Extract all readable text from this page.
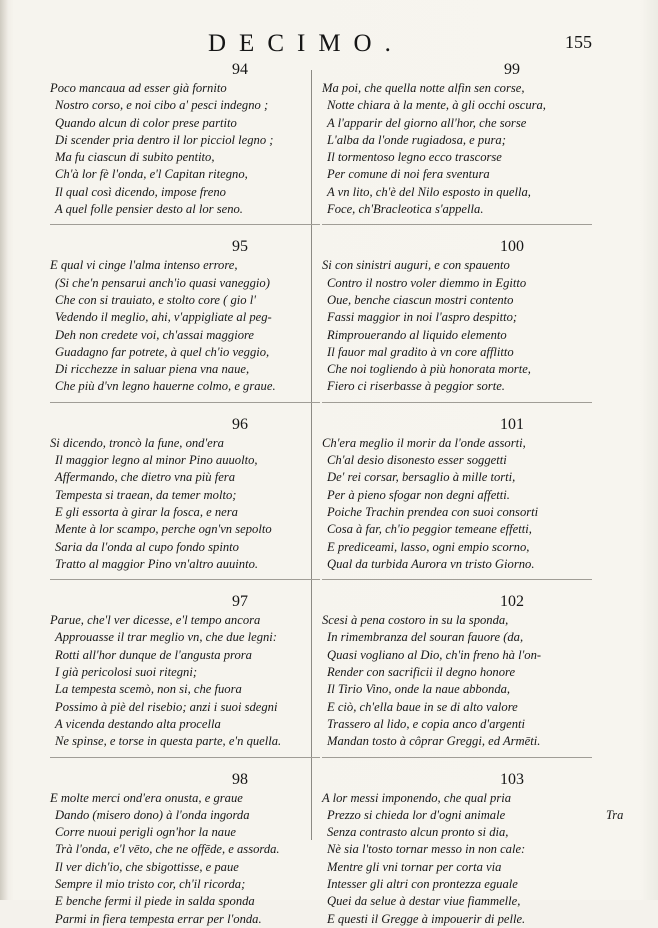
DECIMO.	155
94
Poco mancaua ad esser già fornito
Nostro corso, e noi cibo a' pesci indegno ;
Quando alcun di color prese partito
Di scender pria dentro il lor picciol legno ;
Ma fu ciascun di subito pentito,
Ch'à lor fè l'onda, e'l Capitan ritegno,
Il qual così dicendo, impose freno
A quel folle pensier desto al lor seno.
95
E qual vi cinge l'alma intenso errore,
(Si che'n pensarui anch'io quasi vaneggio)
Che con si trauiato, e stolto core ( gio l'
Vedendo il meglio, ahi, v'appigliate al peg-
Deh non credete voi, ch'assai maggiore
Guadagno far potrete, à quel ch'io veggio,
Di ricchezze in saluar piena vna naue,
Che più d'vn legno hauerne colmo, e graue.
96
Si dicendo, troncò la fune, ond'era
Il maggior legno al minor Pino auuolto,
Affermando, che dietro vna più fera
Tempesta si traean, da temer molto;
E gli essorta à girar la fosca, e nera
Mente à lor scampo, perche ogn'vn sepolto
Saria da l'onda al cupo fondo spinto
Tratto al maggior Pino vn'altro auuinto.
97
Parue, che'l ver dicesse, e'l tempo ancora
Approuasse il trar meglio vn, che due legni:
Rotti all'hor dunque de l'angusta prora
I già pericolosi suoi ritegni;
La tempesta scemò, non si, che fuora
Possimo à piè del risebio; anzi i suoi sdegni
A vicenda destando alta procella
Ne spinse, e torse in questa parte, e'n quella.
98
E molte merci ond'era onusta, e graue
Dando (misero dono) à l'onda ingorda
Corre nuoui perigli ogn'hor la naue
Trà l'onda, e'l vēto, che ne offēde, e assorda.
Il ver dich'io, che sbigottisse, e paue
Sempre il mio tristo cor, ch'il ricorda;
E benche fermi il piede in salda sponda
Parmi in fiera tempesta errar per l'onda.
99
Ma poi, che quella notte alfin sen corse,
Notte chiara à la mente, à gli occhi oscura,
A l'apparir del giorno all'hor, che sorse
L'alba da l'onde rugiadosa, e pura;
Il tormentoso legno ecco trascorse
Per comune di noi fera sventura
A vn lito, ch'è del Nilo esposto in quella,
Foce, ch'Bracleotica s'appella.
100
Si con sinistri auguri, e con spauento
Contro il nostro voler diemmo in Egitto
Oue, benche ciascun mostri contento
Fassi maggior in noi l'aspro despitto;
Rimprouerando al liquido elemento
Il fauor mal gradito à vn core afflitto
Che noi togliendo à più honorata morte,
Fiero ci riserbasse à peggior sorte.
101
Ch'era meglio il morir da l'onde assorti,
Ch'al desio disonesto esser soggetti
De' rei corsar, bersaglio à mille torti,
Per à pieno sfogar non degni affetti.
Poiche Trachin prendea con suoi consorti
Cosa à far, ch'io peggior temeane effetti,
E prediceami, lasso, ogni empio scorno,
Qual da turbida Aurora vn tristo Giorno.
102
Scesi à pena costoro in su la sponda,
In rimembranza del souran fauore (da,
Quasi vogliano al Dio, ch'in freno hà l'on-
Render con sacrificii il degno honore
Il Tirio Vino, onde la naue abbonda,
E ciò, ch'ella baue in se di alto valore
Trassero al lido, e copia anco d'argenti
Mandan tosto à côprar Greggi, ed Armēti.
103
A lor messi imponendo, che qual pria
Prezzo si chieda lor d'ogni animale
Senza contrasto alcun pronto si dia,
Nè sia l'tosto tornar messo in non cale:
Mentre gli vni tornar per corta via
Intesser gli altri con prontezza eguale
Quei da selue à destar viue fiammelle,
E questi il Gregge à impouerir di pelle.
Tra
